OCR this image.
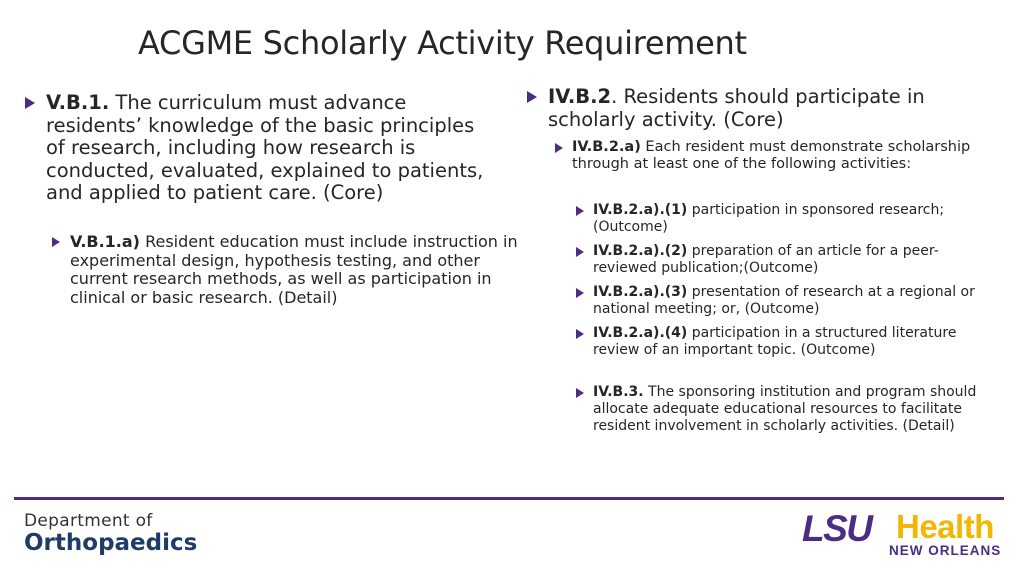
ACGME Scholarly Activity Requirement
V.B.1. The curriculum must advance residents’ knowledge of the basic principles of research, including how research is conducted, evaluated, explained to patients, and applied to patient care. (Core)
V.B.1.a) Resident education must include instruction in experimental design, hypothesis testing, and other current research methods, as well as participation in clinical or basic research. (Detail)
IV.B.2. Residents should participate in scholarly activity. (Core)
IV.B.2.a) Each resident must demonstrate scholarship through at least one of the following activities:
IV.B.2.a).(1) participation in sponsored research; (Outcome)
IV.B.2.a).(2) preparation of an article for a peer-reviewed publication;(Outcome)
IV.B.2.a).(3) presentation of research at a regional or national meeting; or, (Outcome)
IV.B.2.a).(4) participation in a structured literature review of an important topic. (Outcome)
IV.B.3. The sponsoring institution and program should allocate adequate educational resources to facilitate resident involvement in scholarly activities. (Detail)
Department of
Orthopaedics	LSU Health
NEW ORLEANS
